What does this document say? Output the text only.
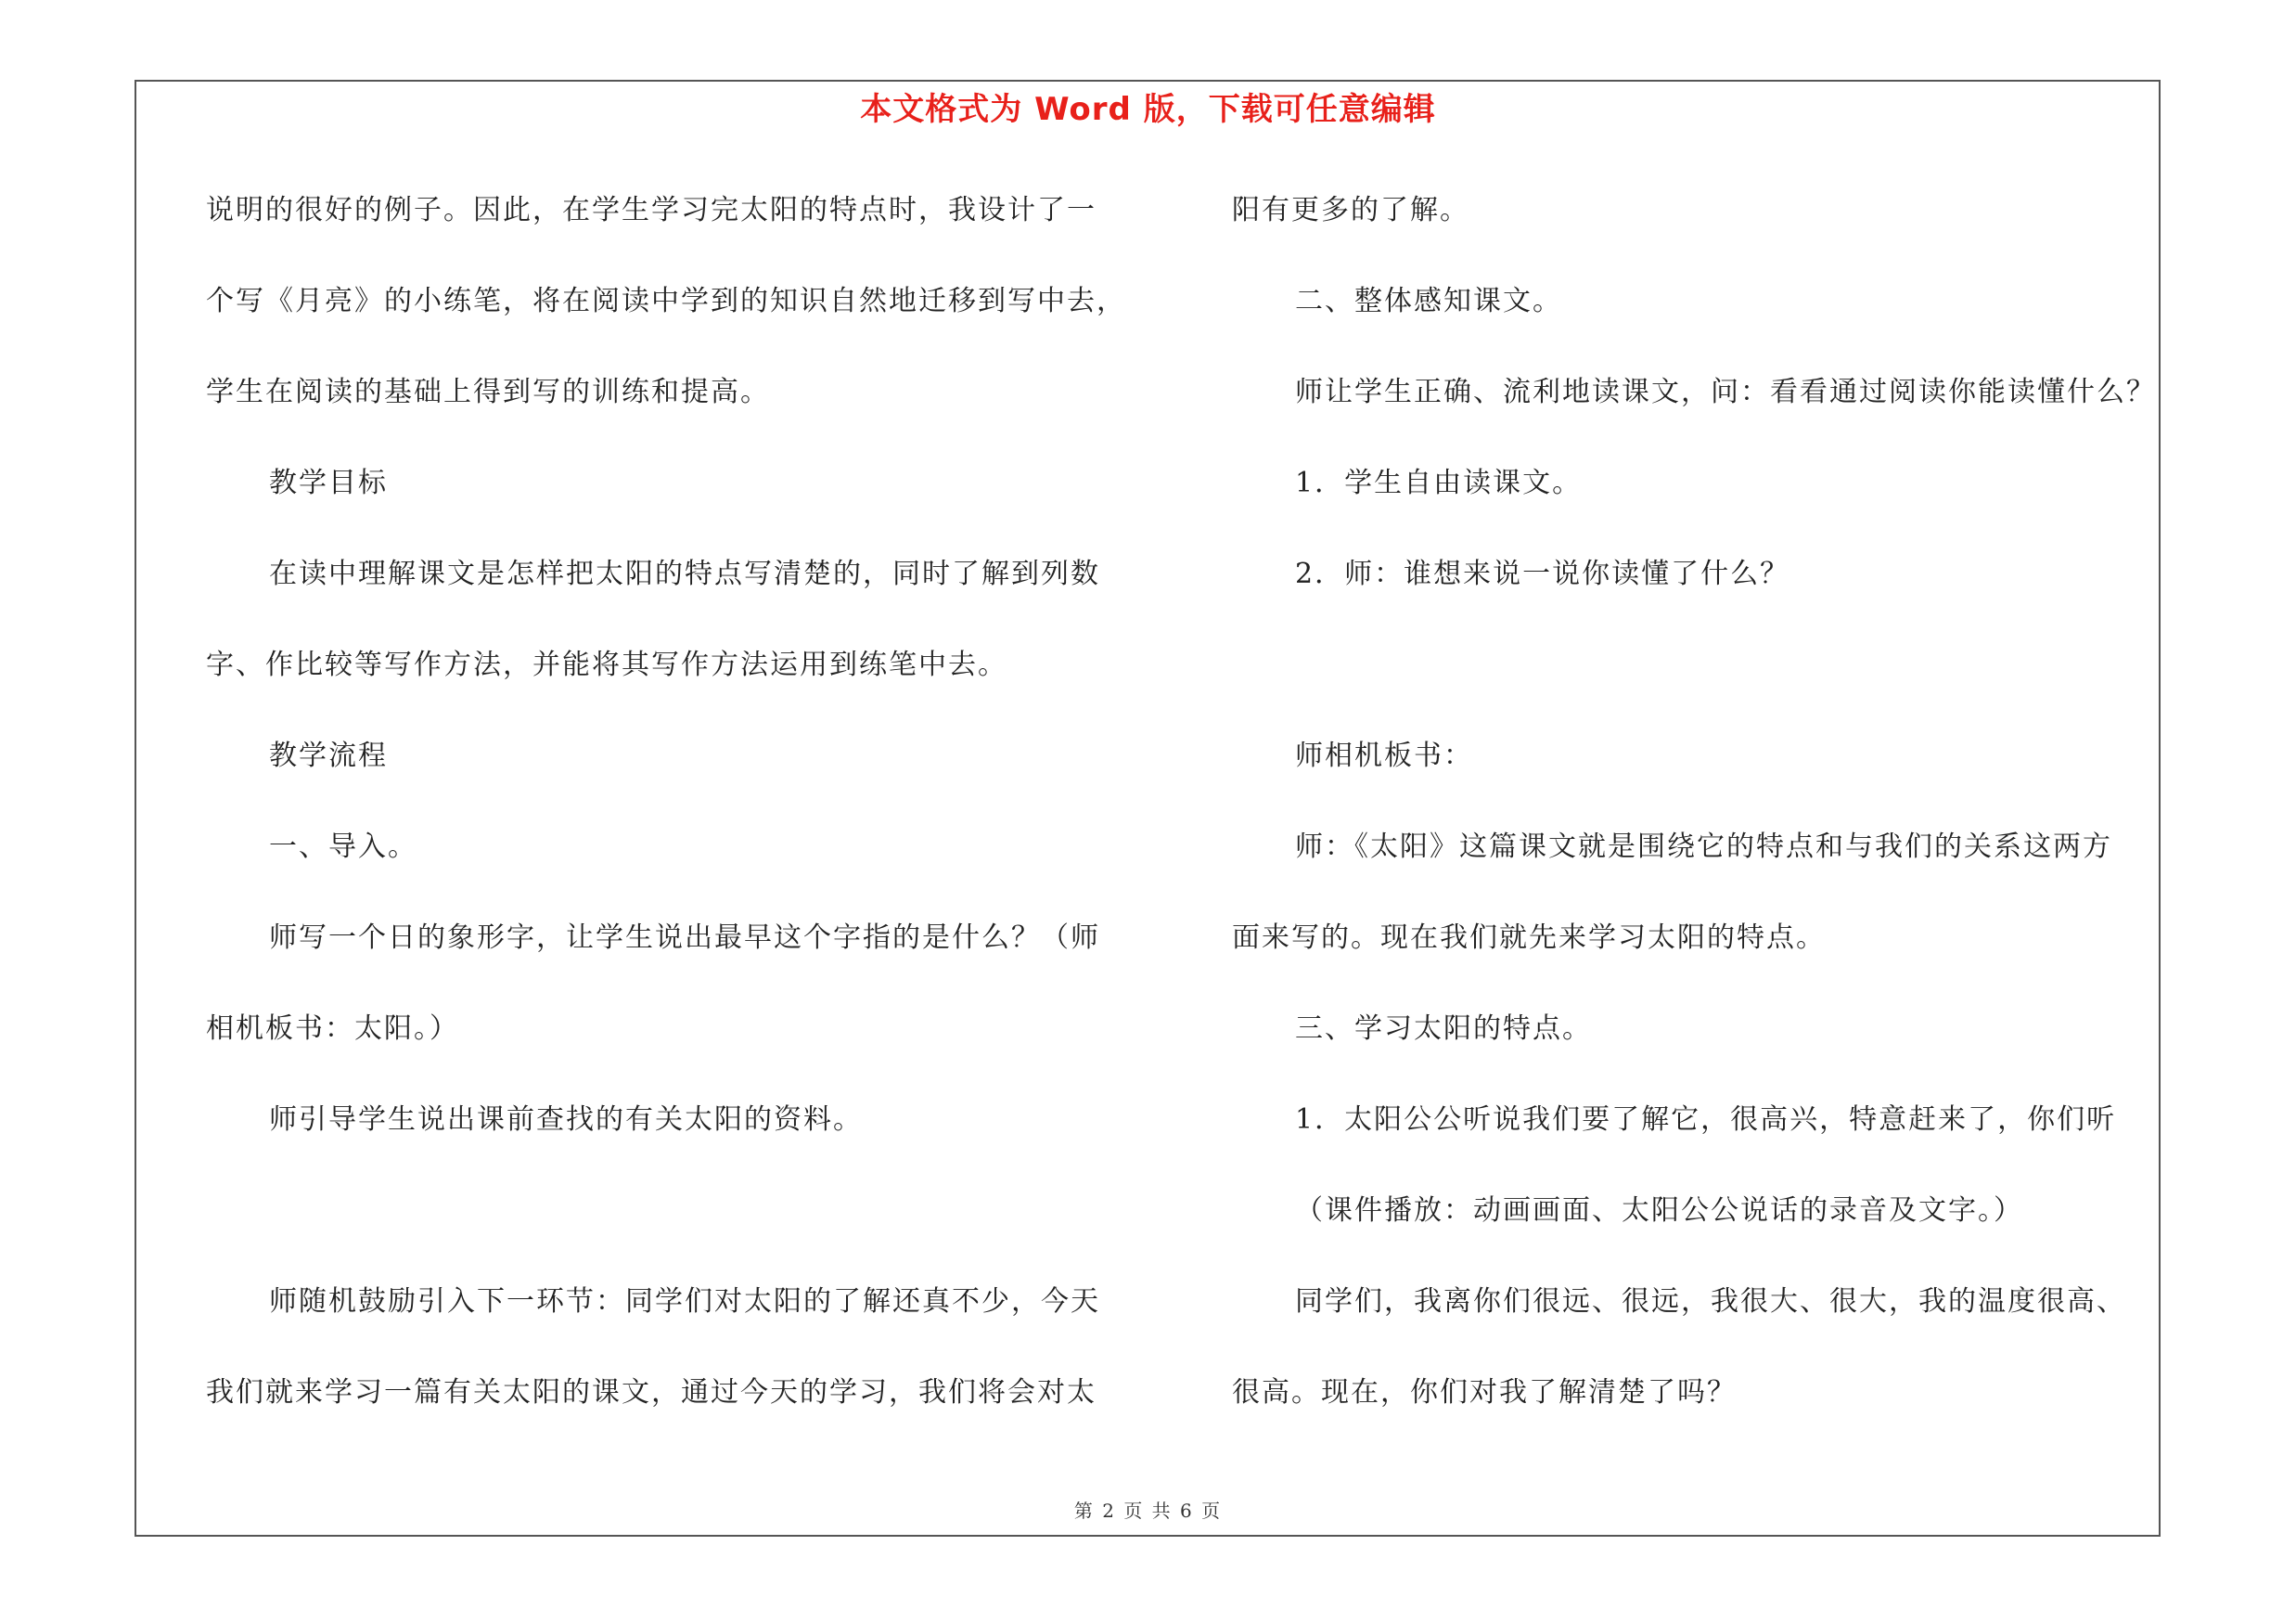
本文格式为 Word 版，下载可任意编辑
说明的很好的例子。因此，在学生学习完太阳的特点时，我设计了一
个写《月亮》的小练笔，将在阅读中学到的知识自然地迁移到写中去，
学生在阅读的基础上得到写的训练和提高。
教学目标
在读中理解课文是怎样把太阳的特点写清楚的，同时了解到列数
字、作比较等写作方法，并能将其写作方法运用到练笔中去。
教学流程
一、导入。
师写一个日的象形字，让学生说出最早这个字指的是什么？（师
相机板书：太阳。）
师引导学生说出课前查找的有关太阳的资料。
师随机鼓励引入下一环节：同学们对太阳的了解还真不少，今天
我们就来学习一篇有关太阳的课文，通过今天的学习，我们将会对太
阳有更多的了解。
二、整体感知课文。
师让学生正确、流利地读课文，问：看看通过阅读你能读懂什么？
1．学生自由读课文。
2．师：谁想来说一说你读懂了什么？
师相机板书：
师：《太阳》这篇课文就是围绕它的特点和与我们的关系这两方
面来写的。现在我们就先来学习太阳的特点。
三、学习太阳的特点。
1．太阳公公听说我们要了解它，很高兴，特意赶来了，你们听
（课件播放：动画画面、太阳公公说话的录音及文字。）
同学们，我离你们很远、很远，我很大、很大，我的温度很高、
很高。现在，你们对我了解清楚了吗？
第 2 页 共 6 页
